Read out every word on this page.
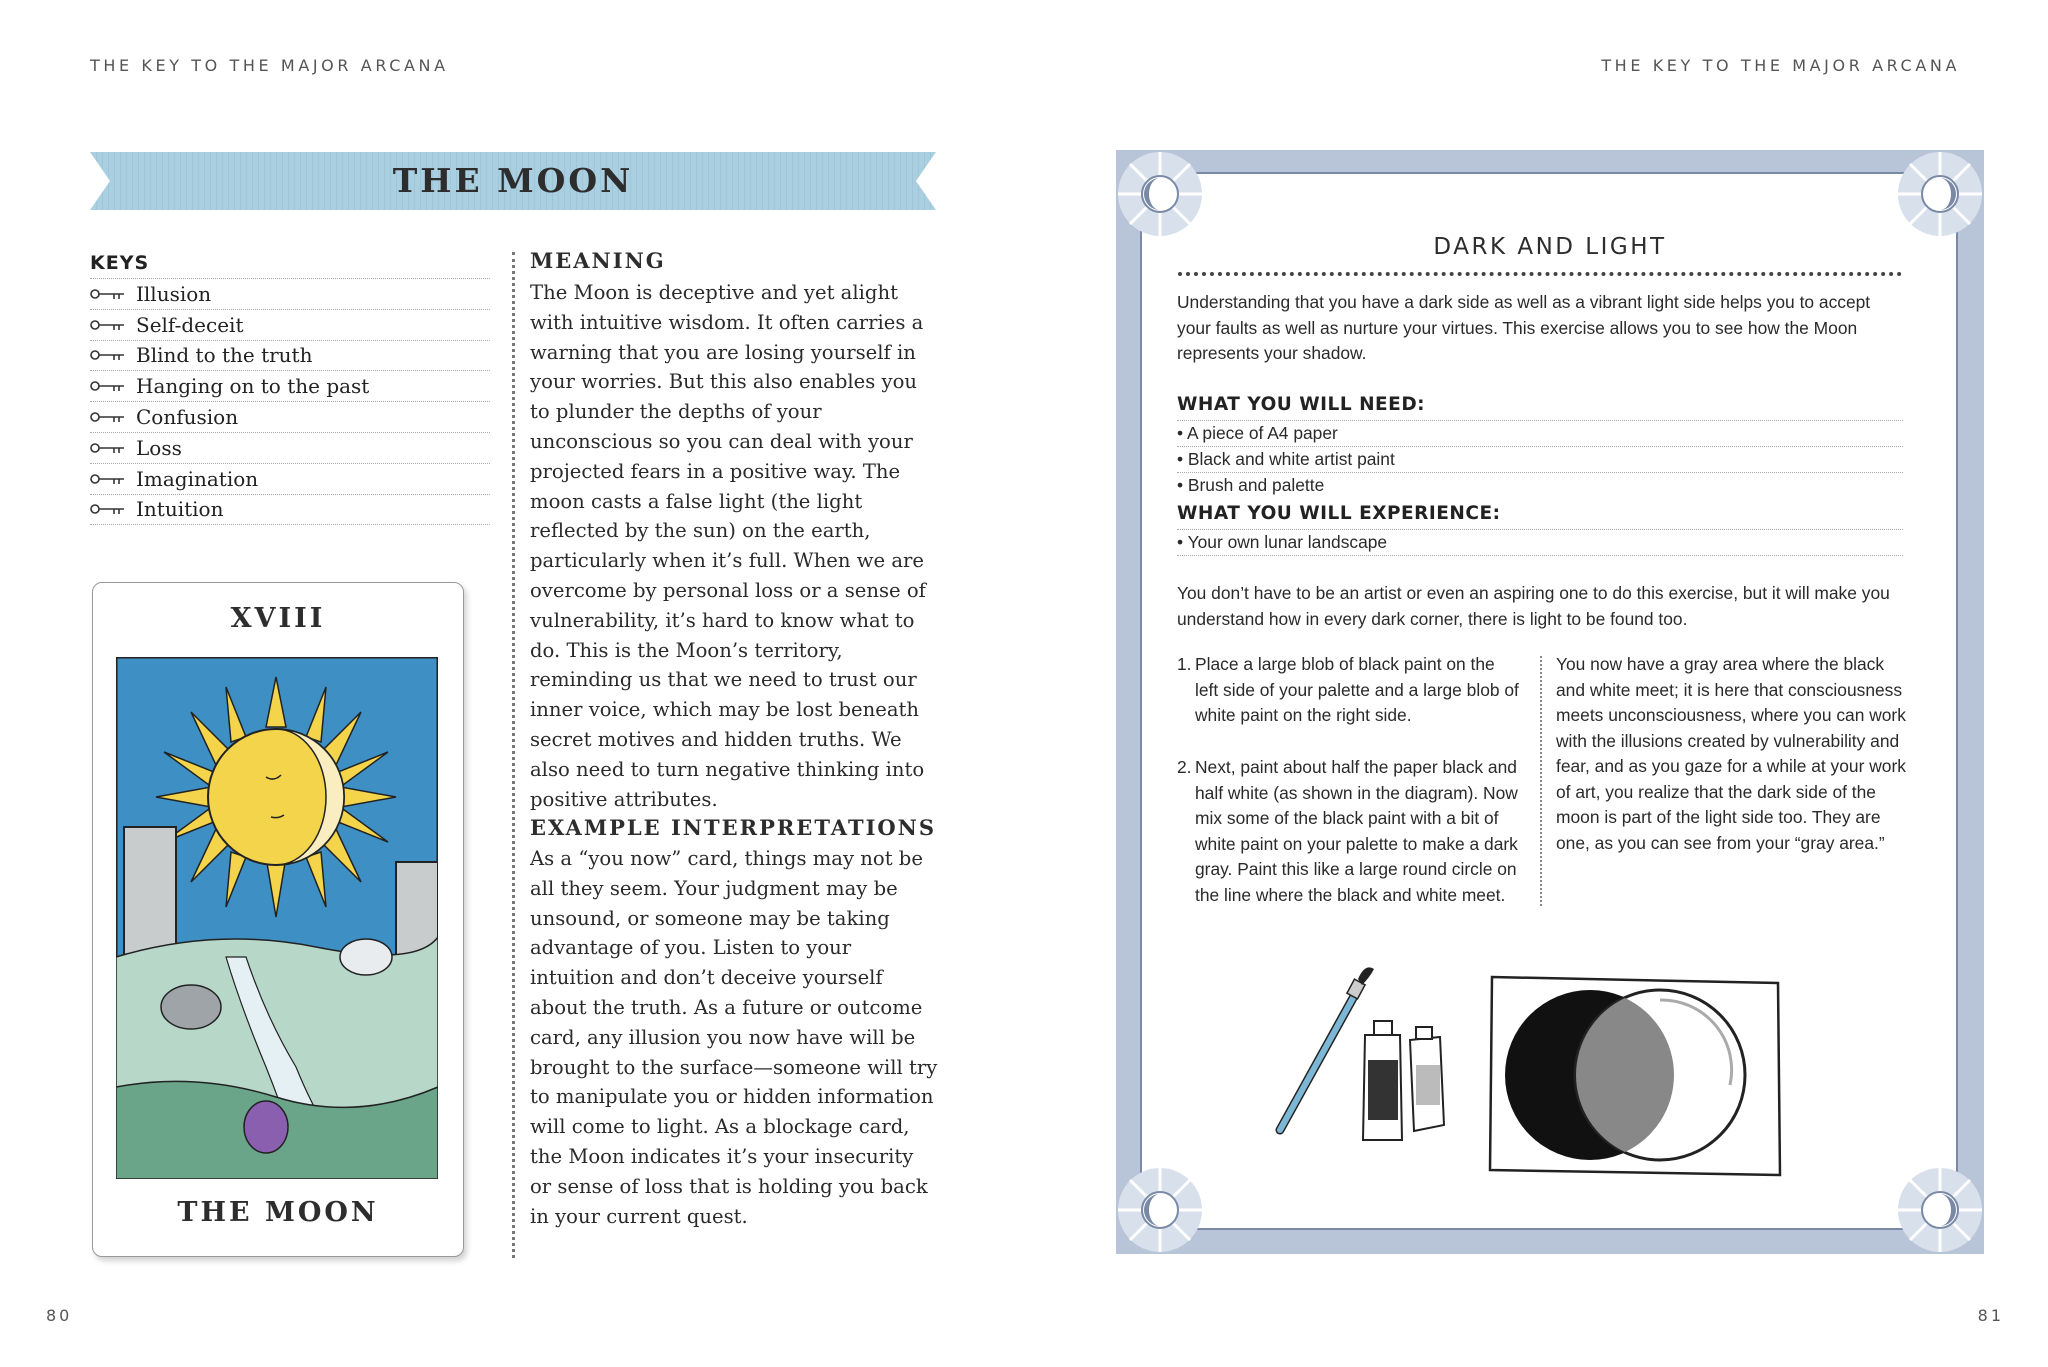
THE KEY TO THE MAJOR ARCANA	THE KEY TO THE MAJOR ARCANA
THE MOON
KEYS
Illusion
Self-deceit
Blind to the truth
Hanging on to the past
Confusion
Loss
Imagination
Intuition
XVIII
THE MOON
MEANING
The Moon is deceptive and yet alight with intuitive wisdom. It often carries a warning that you are losing yourself in your worries. But this also enables you to plunder the depths of your unconscious so you can deal with your projected fears in a positive way. The moon casts a false light (the light reflected by the sun) on the earth, particularly when it’s full. When we are overcome by personal loss or a sense of vulnerability, it’s hard to know what to do. This is the Moon’s territory, reminding us that we need to trust our inner voice, which may be lost beneath secret motives and hidden truths. We also need to turn negative thinking into positive attributes.
EXAMPLE INTERPRETATIONS
As a “you now” card, things may not be all they seem. Your judgment may be unsound, or someone may be taking advantage of you. Listen to your intuition and don’t deceive yourself about the truth. As a future or outcome card, any illusion you now have will be brought to the surface—someone will try to manipulate you or hidden information will come to light. As a blockage card, the Moon indicates it’s your insecurity or sense of loss that is holding you back in your current quest.
80	81
DARK AND LIGHT
Understanding that you have a dark side as well as a vibrant light side helps you to accept your faults as well as nurture your virtues. This exercise allows you to see how the Moon represents your shadow.
WHAT YOU WILL NEED:
• A piece of A4 paper
• Black and white artist paint
• Brush and palette
WHAT YOU WILL EXPERIENCE:
• Your own lunar landscape
You don’t have to be an artist or even an aspiring one to do this exercise, but it will make you understand how in every dark corner, there is light to be found too.
1. Place a large blob of black paint on the left side of your palette and a large blob of white paint on the right side.
2. Next, paint about half the paper black and half white (as shown in the diagram). Now mix some of the black paint with a bit of white paint on your palette to make a dark gray. Paint this like a large round circle on the line where the black and white meet.
You now have a gray area where the black and white meet; it is here that consciousness meets unconsciousness, where you can work with the illusions created by vulnerability and fear, and as you gaze for a while at your work of art, you realize that the dark side of the moon is part of the light side too. They are one, as you can see from your “gray area.”
